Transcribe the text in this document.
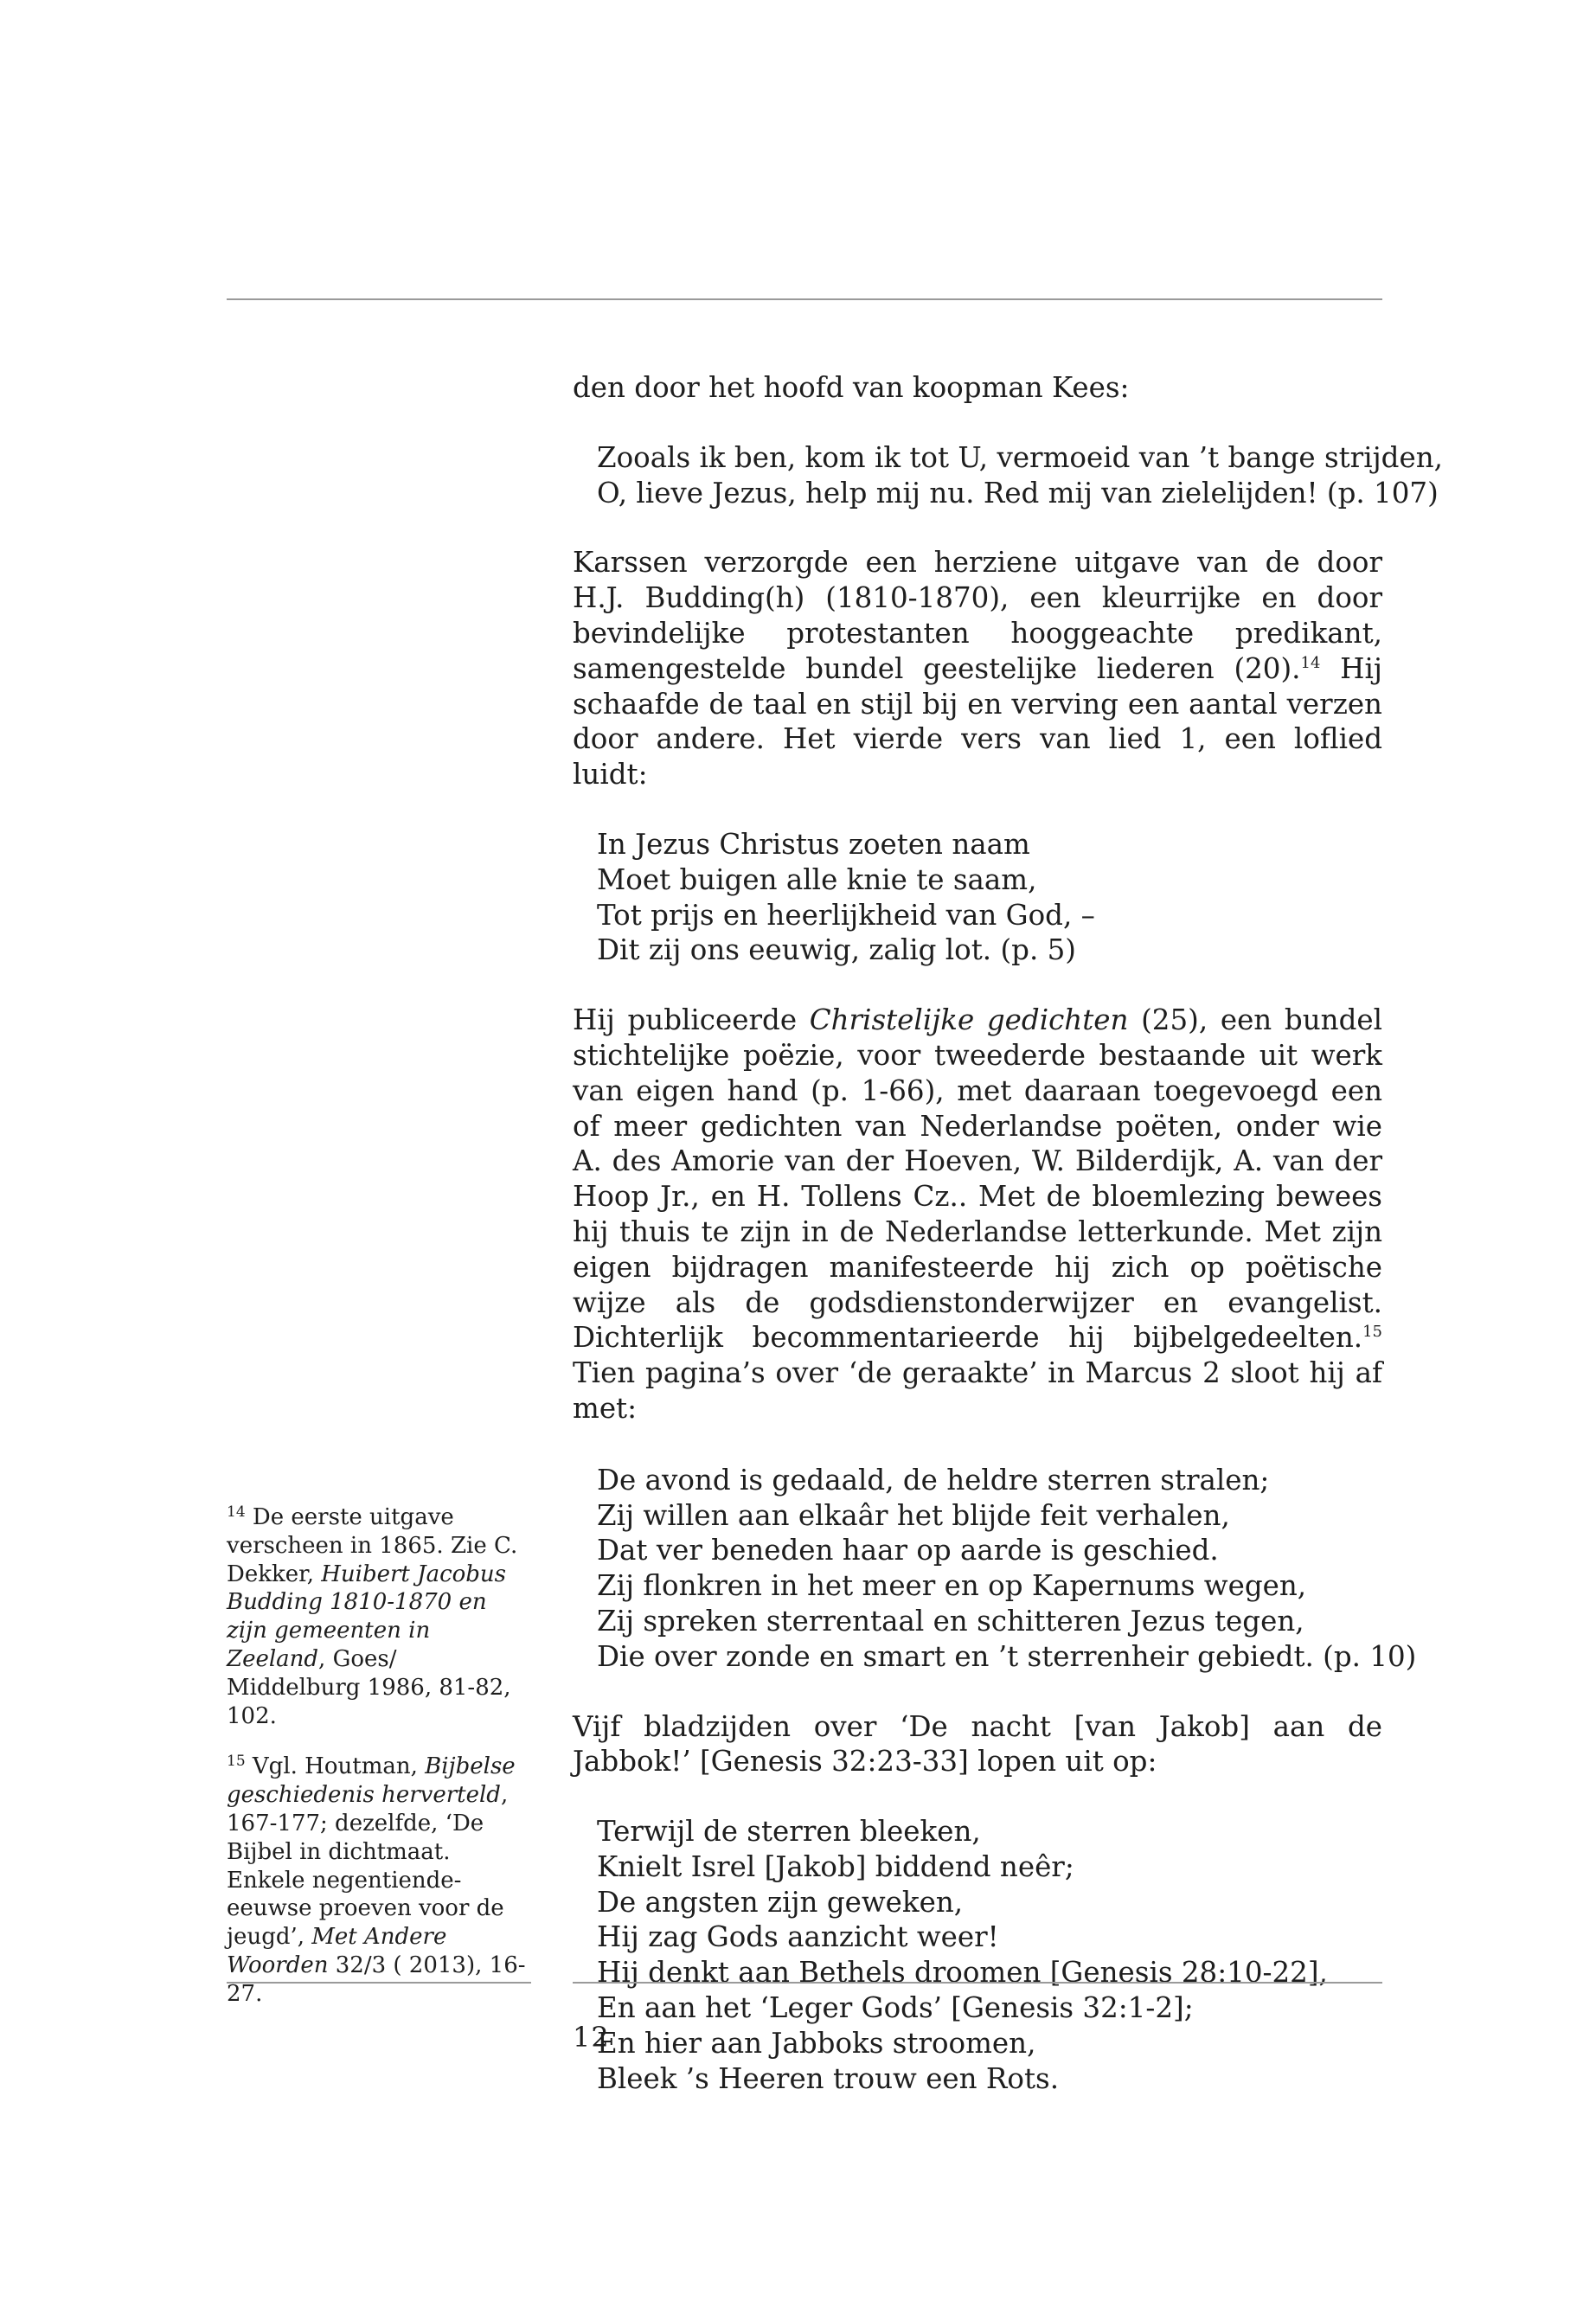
den door het hoofd van koopman Kees:

Zooals ik ben, kom ik tot U, vermoeid van ’t bange strijden,
O, lieve Jezus, help mij nu. Red mij van zielelijden! (p. 107)

Karssen verzorgde een herziene uitgave van de door H.J. Budding(h) (1810-1870), een kleurrijke en door bevindelijke protestanten hooggeachte predikant, samengestelde bundel geestelijke liederen (20).$^{14}$ Hij schaafde de taal en stijl bij en verving een aantal verzen door andere. Het vierde vers van lied 1, een loflied luidt:

In Jezus Christus zoeten naam
Moet buigen alle knie te saam,
Tot prijs en heerlijkheid van God, –
Dit zij ons eeuwig, zalig lot. (p. 5)

Hij publiceerde Christelijke gedichten (25), een bundel stichtelijke poëzie, voor tweederde bestaande uit werk van eigen hand (p. 1-66), met daaraan toegevoegd een of meer gedichten van Nederlandse poëten, onder wie A. des Amorie van der Hoeven, W. Bilderdijk, A. van der Hoop Jr., en H. Tollens Cz.. Met de bloemlezing bewees hij thuis te zijn in de Nederlandse letterkunde. Met zijn eigen bijdragen manifesteerde hij zich op poëtische wijze als de godsdienstonderwijzer en evangelist. Dichterlijk becommentarieerde hij bijbelgedeelten.$^{15}$ Tien pagina’s over ‘de geraakte’ in Marcus 2 sloot hij af met:

De avond is gedaald, de heldre sterren stralen;
Zij willen aan elkaâr het blijde feit verhalen,
Dat ver beneden haar op aarde is geschied.
Zij flonkren in het meer en op Kapernums wegen,
Zij spreken sterrentaal en schitteren Jezus tegen,
Die over zonde en smart en ’t sterrenheir gebiedt. (p. 10)

Vijf bladzijden over ‘De nacht [van Jakob] aan de Jabbok!’ [Genesis 32:23-33] lopen uit op:

Terwijl de sterren bleeken,
Knielt Isrel [Jakob] biddend neêr;
De angsten zijn geweken,
Hij zag Gods aanzicht weer!
Hij denkt aan Bethels droomen [Genesis 28:10-22],
En aan het ‘Leger Gods’ [Genesis 32:1-2];
En hier aan Jabboks stroomen,
Bleek ’s Heeren trouw een Rots.

$^{14}$ De eerste uitgave verscheen in 1865. Zie C. Dekker, Huibert Jacobus Budding 1810-1870 en zijn gemeenten in Zeeland, Goes/ Middelburg 1986, 81-82, 102.

$^{15}$ Vgl. Houtman, Bijbelse geschiedenis herverteld, 167-177; dezelfde, ‘De Bijbel in dichtmaat. Enkele negentiende-eeuwse proeven voor de jeugd’, Met Andere Woorden 32/3 ( 2013), 16-27.

12
